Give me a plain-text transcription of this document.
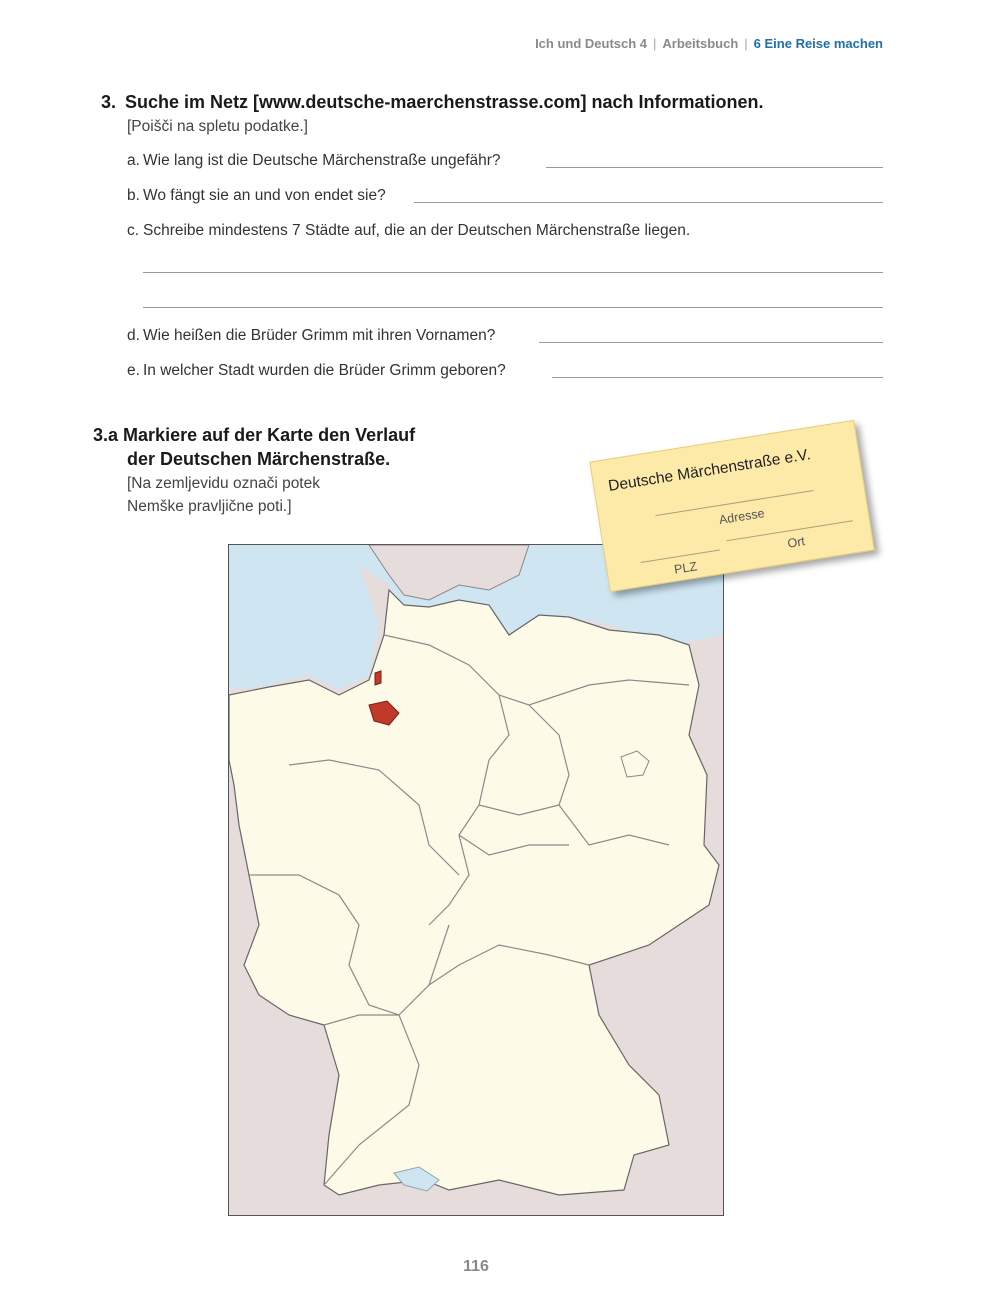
Ich und Deutsch 4 | Arbeitsbuch | 6 Eine Reise machen
3. Suche im Netz [www.deutsche-maerchenstrasse.com] nach Informationen.
[Poišči na spletu podatke.]
a. Wie lang ist die Deutsche Märchenstraße ungefähr?
b. Wo fängt sie an und von endet sie?
c. Schreibe mindestens 7 Städte auf, die an der Deutschen Märchenstraße liegen.
d. Wie heißen die Brüder Grimm mit ihren Vornamen?
e. In welcher Stadt wurden die Brüder Grimm geboren?
3.a Markiere auf der Karte den Verlauf
der Deutschen Märchenstraße.
[Na zemljevidu označi potek
Nemške pravljične poti.]
Deutsche Märchenstraße e.V.
Adresse
PLZ
Ort
116
